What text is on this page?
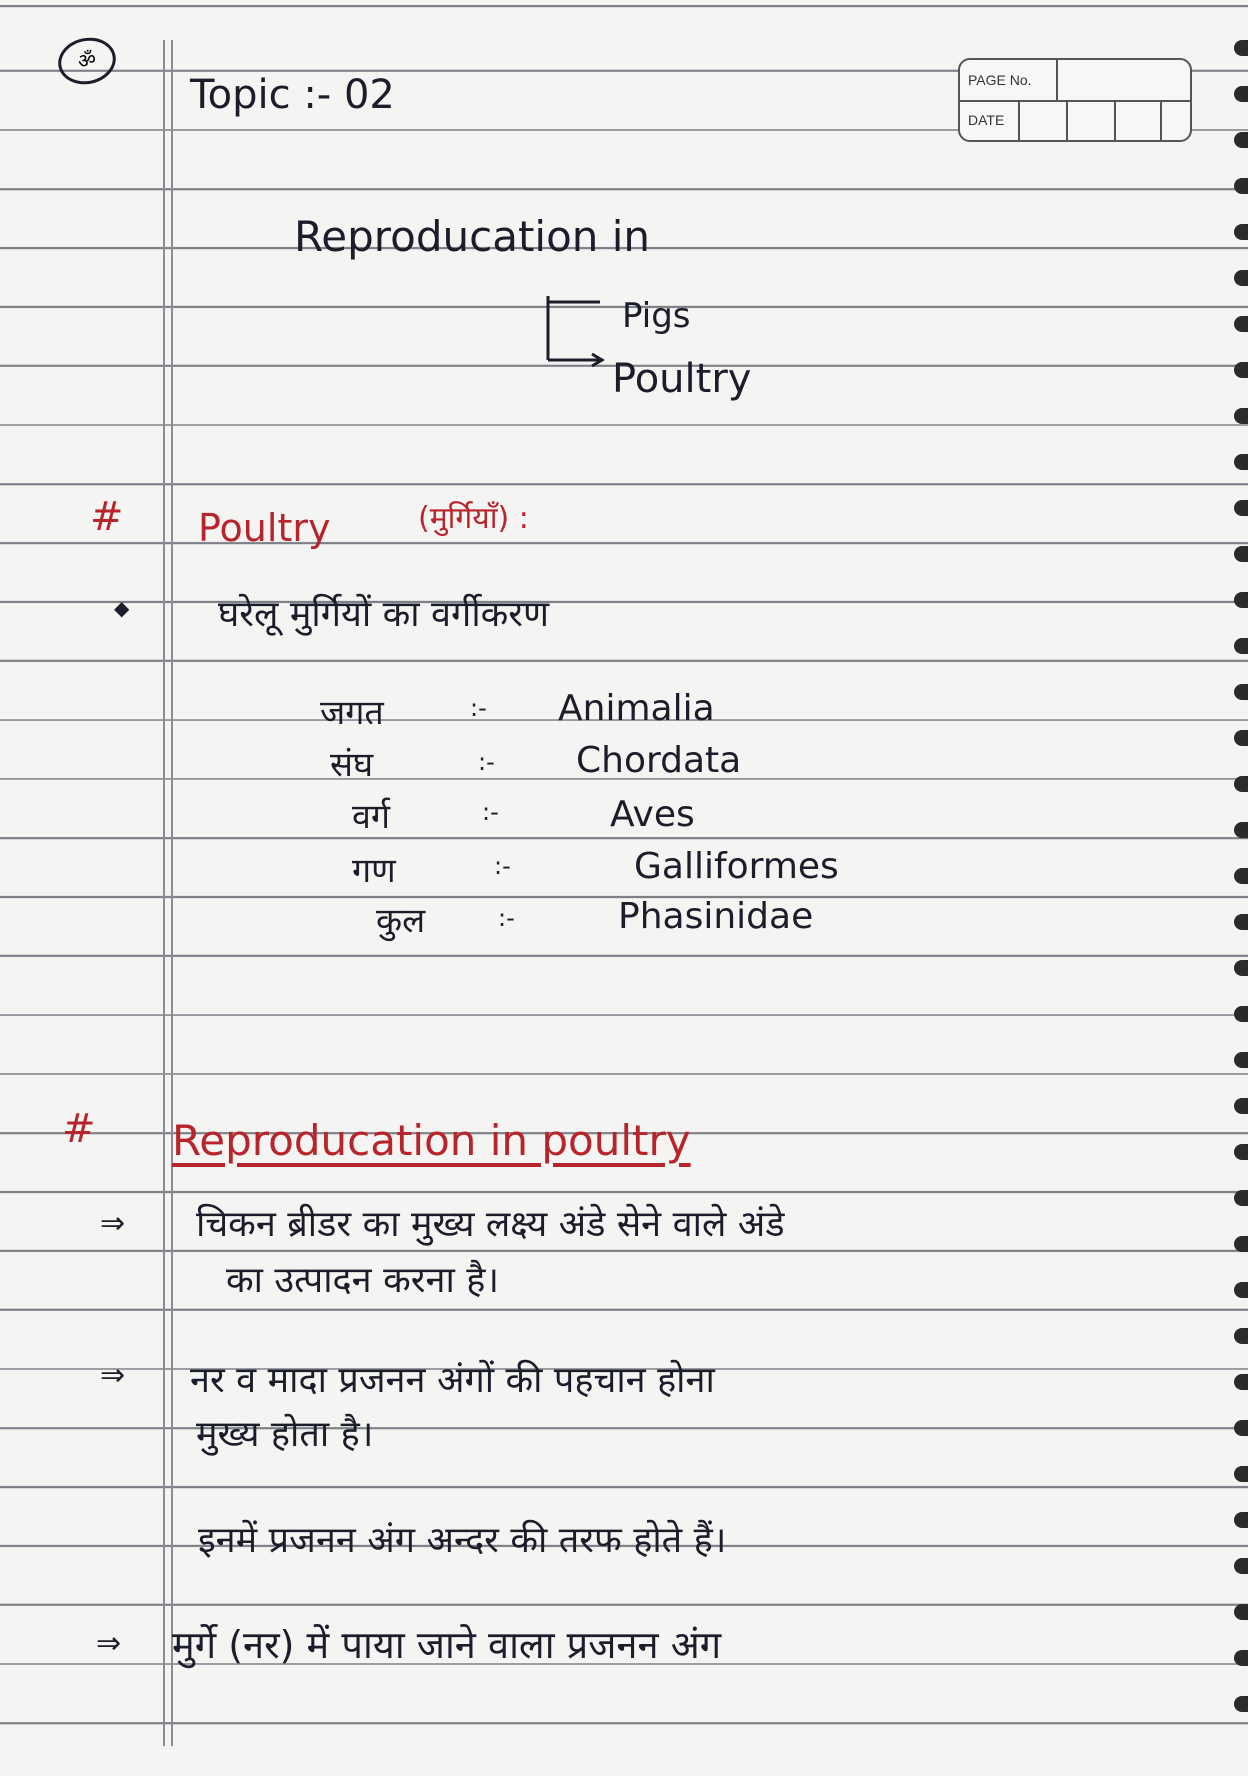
ॐ
Topic :- 02	PAGE No.
DATE
Reproducation in
Pigs
Poultry
# Poultry	(मुर्गियाँ) :
◆ घरेलू मुर्गियों का वर्गीकरण
जगत	:- Animalia
संघ	:- Chordata
वर्ग	:-	Aves
गण	:-	Galliformes
कुल	:-	Phasinidae
# Reproducation in poultry
⇒ चिकन ब्रीडर का मुख्य लक्ष्य अंडे सेने वाले अंडे
का उत्पादन करना है।
⇒ नर व मादा प्रजनन अंगों की पहचान होना
मुख्य होता है।
इनमें प्रजनन अंग अन्दर की तरफ होते हैं।
⇒ मुर्गे (नर) में पाया जाने वाला प्रजनन अंग
